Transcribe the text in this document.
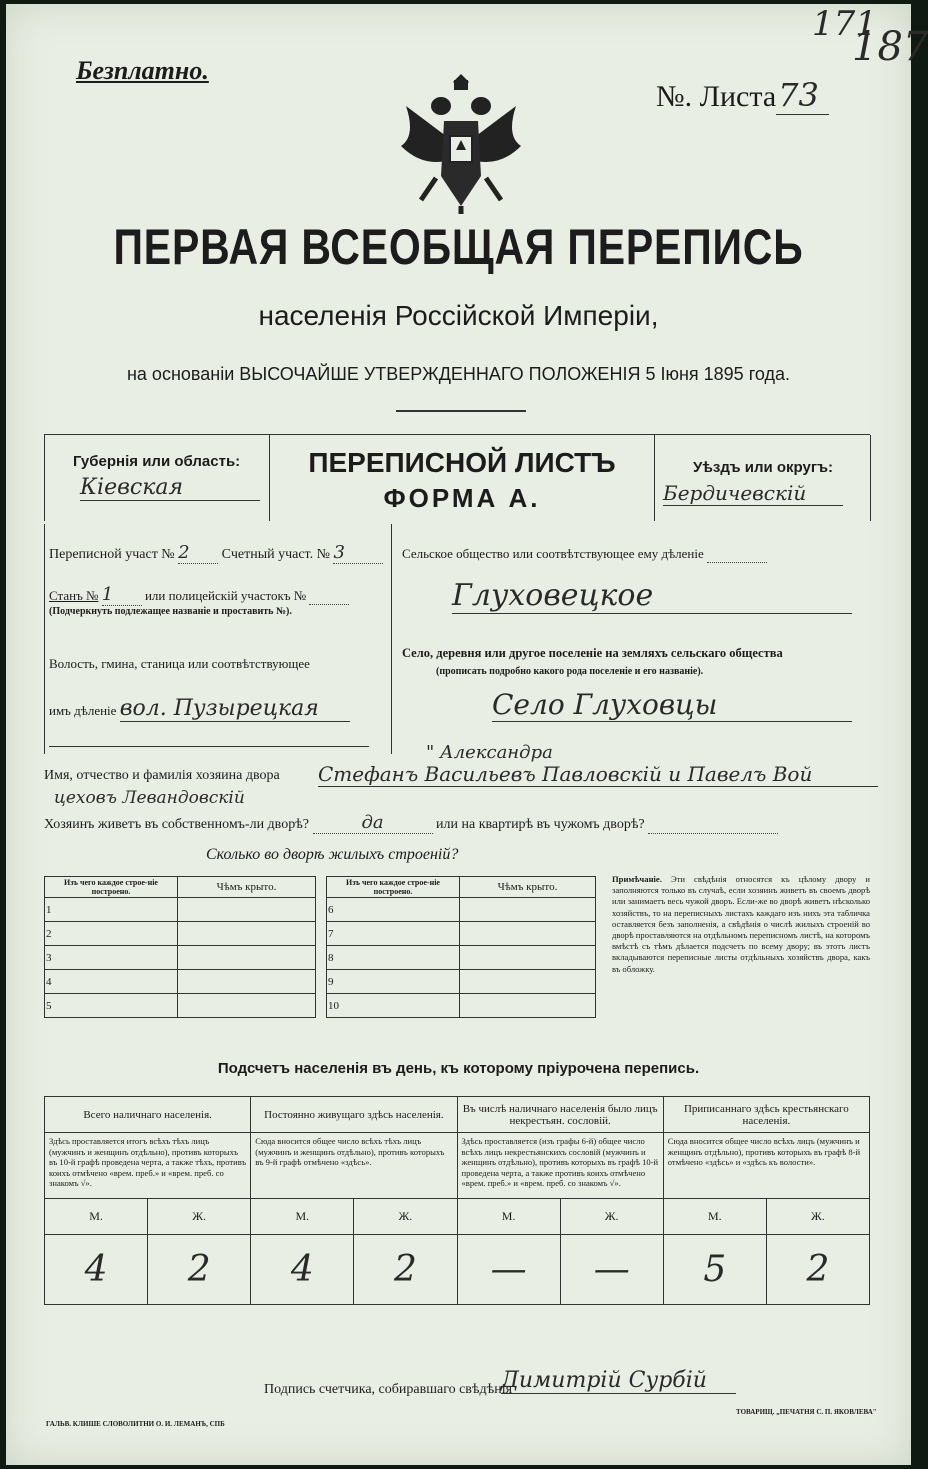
171
187
Безплатно.
№. Листа73
ПЕРВАЯ ВСЕОБЩАЯ ПЕРЕПИСЬ
населенія Россійской Имперіи,
на основаніи ВЫСОЧАЙШЕ УТВЕРЖДЕННАГО ПОЛОЖЕНІЯ 5 Іюня 1895 года.
Губернія или область:
Кіевская
ПЕРЕПИСНОЙ ЛИСТЪ
ФОРМА А.
Уѣздъ или округъ:
Бердичевскій
Переписной участ № 2 Счетный участ. № 3
Станъ № 1 или полицейскій участокъ №
(Подчеркнуть подлежащее названіе и проставить №).
Волость, гмина, станица или соотвѣтствующее
имъ дѣленіе вол. Пузырецкая
Сельское общество или соотвѣтствующее ему дѣленіе
Глуховецкое
Село, деревня или другое поселеніе на земляхъ сельскаго общества
(прописать подробно какого рода поселеніе и его названіе).
Село Глуховцы
" Александра
Имя, отчество и фамилія хозяина двора Стефанъ Васильевъ Павловскій и Павелъ Вой
цеховъ Левандовскій
Хозяинъ живетъ въ собственномъ-ли дворѣ?	да	или на квартирѣ въ чужомъ дворѣ?
Сколько во дворѣ жилыхъ строеній?
Изъ чего каждое строе-ніе построено.	Чѣмъ крыто.
1	
2	
3	
4	
5	
Изъ чего каждое строе-ніе построено.	Чѣмъ крыто.
6	
7	
8	
9	
10	
Примѣчаніе. Эти свѣдѣнія относятся къ цѣлому двору и заполняются только въ случаѣ, если хозяинъ живетъ въ своемъ дворѣ или занимаетъ весь чужой дворъ. Если-же во дворѣ живетъ нѣсколько хозяйствъ, то на переписныхъ листахъ каждаго изъ нихъ эта табличка оставляется безъ заполненія, а свѣдѣнія о числѣ жилыхъ строеній во дворѣ проставляются на отдѣльномъ переписномъ листѣ, на которомъ вмѣстѣ съ тѣмъ дѣлается подсчетъ по всему двору; въ этотъ листъ вкладываются переписные листы отдѣльныхъ хозяйствъ двора, какъ въ обложку.
Подсчетъ населенія въ день, къ которому пріурочена перепись.
Всего наличнаго населенія.		Постоянно живущаго здѣсь населенія.		Въ числѣ наличнаго населенія было лицъ некрестьян. сословій.		Приписаннаго здѣсь крестьянскаго населенія.	
Здѣсь проставляется итогъ всѣхъ тѣхъ лицъ (мужчинъ и женщинъ отдѣльно), противъ которыхъ въ 10-й графѣ проведена черта, а также тѣхъ, противъ коихъ отмѣчено «врем. преб.» и «врем. преб. со знакомъ √».		Сюда вносится общее число всѣхъ тѣхъ лицъ (мужчинъ и женщинъ отдѣльно), противъ которыхъ въ 9-й графѣ отмѣчено «здѣсь».		Здѣсь проставляется (изъ графы 6-й) общее число всѣхъ лицъ некрестьянскихъ сословій (мужчинъ и женщинъ отдѣльно), противъ которыхъ въ графѣ 10-й проведена черта, а также противъ коихъ отмѣчено «врем. преб.» и «врем. преб. со знакомъ √».		Сюда вносится общее число всѣхъ лицъ (мужчинъ и женщинъ отдѣльно), противъ которыхъ въ графѣ 8-й отмѣчено «здѣсь» и «здѣсь къ волости».	
М.	Ж.	М.	Ж.	М.	Ж.	М.	Ж.
4	2	4	2	—	—	5	2
Подпись счетчика, собиравшаго свѣдѣнія
Димитрій Сурбій
ГАЛЬВ. КЛИШЕ СЛОВОЛИТНИ О. И. ЛЕМАНЪ, СПБ
ТОВАРИЩ. „ПЕЧАТНЯ С. П. ЯКОВЛЕВА"
